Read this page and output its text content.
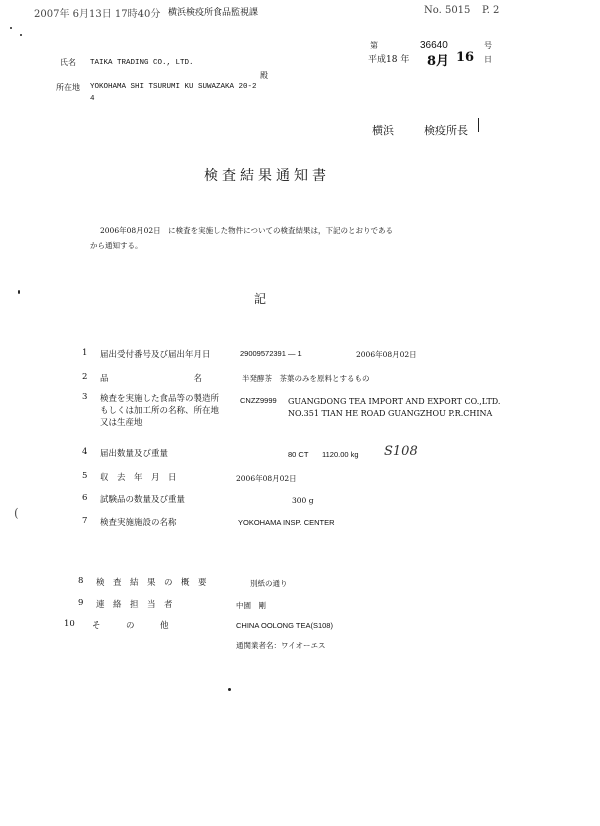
2007年 6月13日 17時40分 横浜検疫所食品監視課	No. 5015 P. 2
氏名 TAIKA TRADING CO., LTD.
殿
所在地 YOKOHAMA SHI TSURUMI KU SUWAZAKA 20-2
4
第	36640	号
平成18 年 8月 16 日
横浜	検疫所長
検査結果通知書
2006年08月02日　に検査を実施した物件についての検査結果は，下記のとおりである
から通知する。
記
1 届出受付番号及び届出年月日	29009572391 — 1	2006年08月02日
2 品　　　　　　　　　　名	半発酵茶　茶葉のみを原料とするもの
3 検査を実施した食品等の製造所
もしくは加工所の名称、所在地
又は生産地
CNZZ9999 GUANGDONG TEA IMPORT AND EXPORT CO.,LTD.
NO.351 TIAN HE ROAD GUANGZHOU P.R.CHINA
4 届出数量及び重量	80 CT 1120.00 kg S108
5 収　去　年　月　日	2006年08月02日
6 試験品の数量及び重量	300 g
7 検査実施施設の名称	YOKOHAMA INSP. CENTER
8 検　査　結　果　の　概　要	別紙の通り
9 連　絡　担　当　者	中園　剛
10 そ　　　の　　　他	CHINA OOLONG TEA(S108)
通関業者名：ワイオーエス
(
